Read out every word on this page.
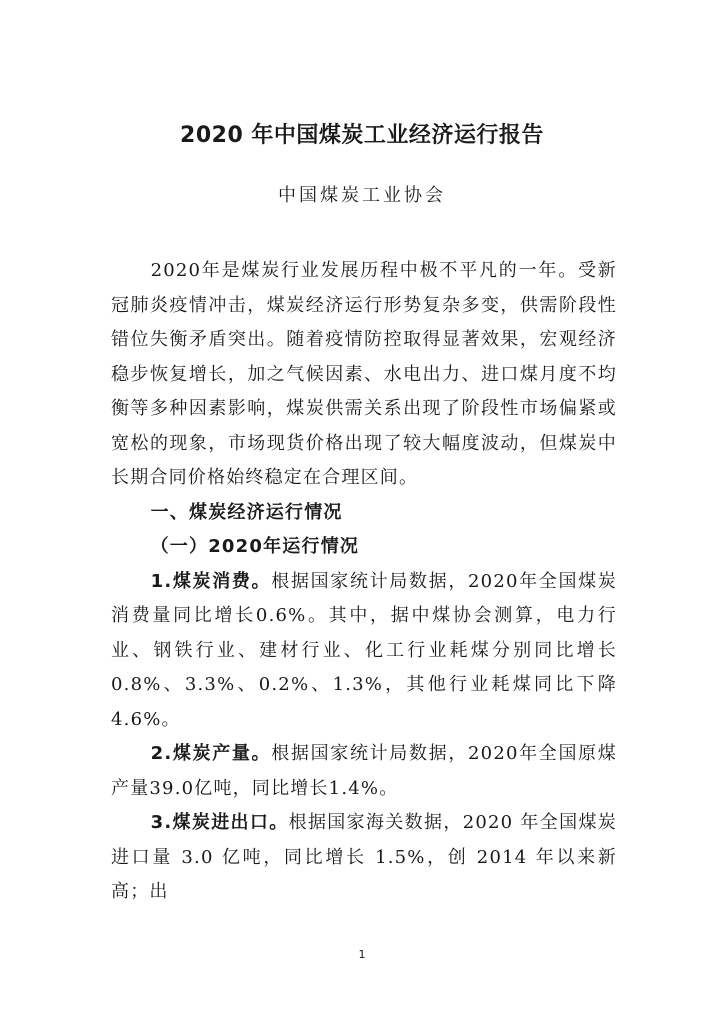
2020 年中国煤炭工业经济运行报告
中国煤炭工业协会

2020年是煤炭行业发展历程中极不平凡的一年。受新冠肺炎疫情冲击，煤炭经济运行形势复杂多变，供需阶段性错位失衡矛盾突出。随着疫情防控取得显著效果，宏观经济稳步恢复增长，加之气候因素、水电出力、进口煤月度不均衡等多种因素影响，煤炭供需关系出现了阶段性市场偏紧或宽松的现象，市场现货价格出现了较大幅度波动，但煤炭中长期合同价格始终稳定在合理区间。

一、煤炭经济运行情况

（一）2020年运行情况

1.煤炭消费。根据国家统计局数据，2020年全国煤炭消费量同比增长0.6%。其中，据中煤协会测算，电力行业、钢铁行业、建材行业、化工行业耗煤分别同比增长0.8%、3.3%、0.2%、1.3%，其他行业耗煤同比下降4.6%。

2.煤炭产量。根据国家统计局数据，2020年全国原煤产量39.0亿吨，同比增长1.4%。

3.煤炭进出口。根据国家海关数据，2020 年全国煤炭进口量 3.0 亿吨，同比增长 1.5%，创 2014 年以来新高；出

1
